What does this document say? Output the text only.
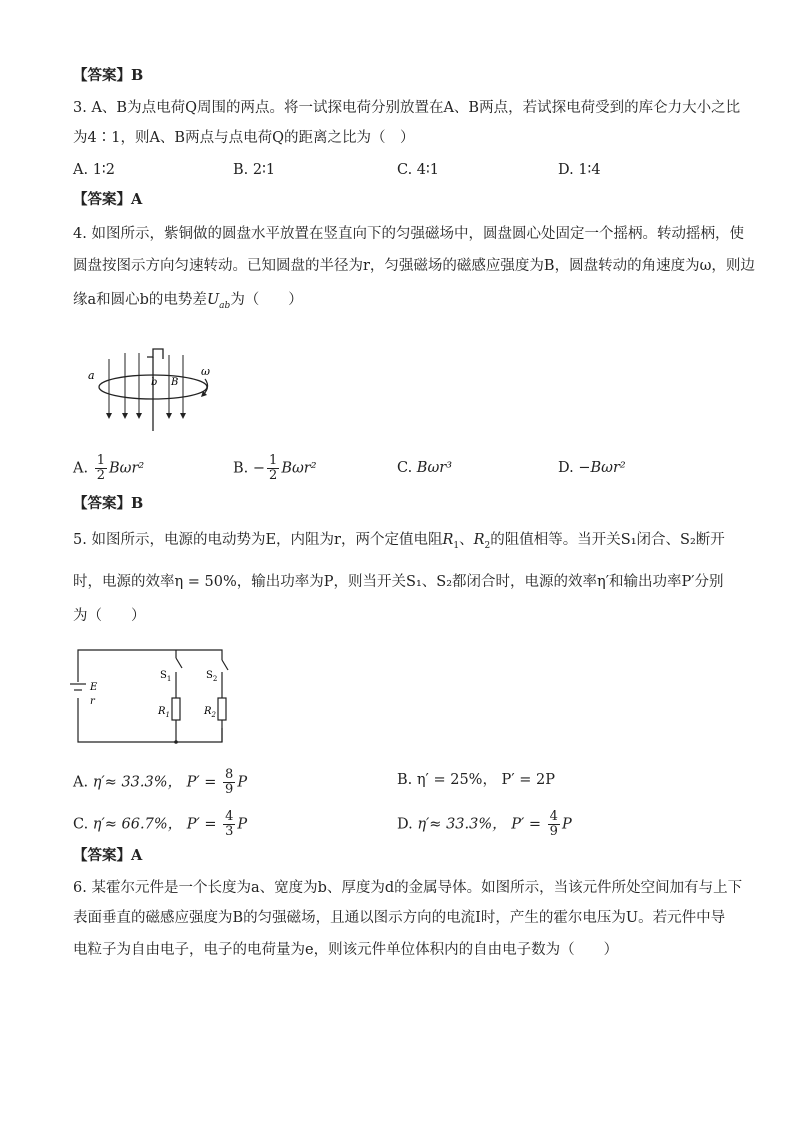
【答案】B
3. A、B为点电荷Q周围的两点。将一试探电荷分别放置在A、B两点，若试探电荷受到的库仑力大小之比
为4∶1，则A、B两点与点电荷Q的距离之比为（　）
A. 1∶2	B. 2∶1	C. 4∶1	D. 1∶4
【答案】A
4. 如图所示，紫铜做的圆盘水平放置在竖直向下的匀强磁场中，圆盘圆心处固定一个摇柄。转动摇柄，使
圆盘按图示方向匀速转动。已知圆盘的半径为r，匀强磁场的磁感应强度为B，圆盘转动的角速度为ω，则边
缘a和圆心b的电势差$U_{ab}$为（　　）
a
b B
ω
A. $\frac{1}{2} B\omega r^2$	B. − $\frac{1}{2} B\omega r^2$	C. Bωr³	D. −Bωr²
【答案】B
5. 如图所示，电源的电动势为E，内阻为r，两个定值电阻$R_1$、$R_2$的阻值相等。当开关S₁闭合、S₂断开
时，电源的效率η = 50%，输出功率为P，则当开关S₁、S₂都闭合时，电源的效率η′和输出功率P′分别
为（　　）
E
r
$S_1$	$S_2$
$R_1$	$R_2$
A. η′≈ 33.3%， $P' = \frac{8}{9}$ P	B. η′ = 25%， P′ = 2P
C. η′≈ 66.7%， $P' = \frac{4}{3}$ P	D. η′≈ 33.3%， $P' = \frac{4}{9}$ P
【答案】A
6. 某霍尔元件是一个长度为a、宽度为b、厚度为d的金属导体。如图所示，当该元件所处空间加有与上下
表面垂直的磁感应强度为B的匀强磁场，且通以图示方向的电流I时，产生的霍尔电压为U。若元件中导
电粒子为自由电子，电子的电荷量为e，则该元件单位体积内的自由电子数为（　　）
